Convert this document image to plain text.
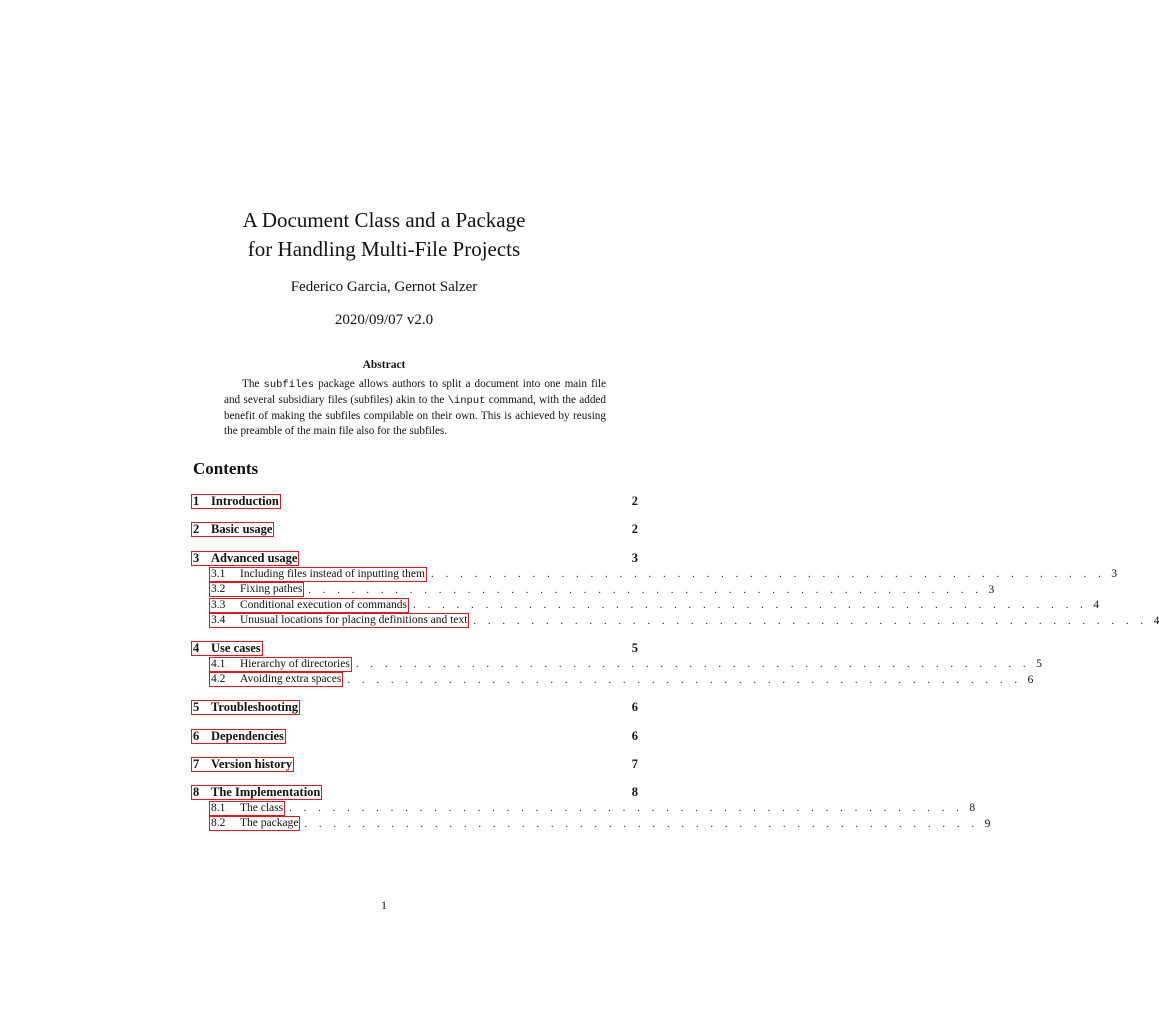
A Document Class and a Package
for Handling Multi-File Projects
Federico Garcia, Gernot Salzer
2020/09/07 v2.0
Abstract
The subfiles package allows authors to split a document into one main file and several subsidiary files (subfiles) akin to the \input command, with the added benefit of making the subfiles compilable on their own. This is achieved by reusing the preamble of the main file also for the subfiles.
Contents
1 Introduction	2
2 Basic usage	2
3 Advanced usage	3
3.1	Including files instead of inputting them . . . . . . . . . . . . . . . . . . . . . . . . . . . . . . . . . . . . . . . . . . . . . . . 3
3.2	Fixing pathes . . . . . . . . . . . . . . . . . . . . . . . . . . . . . . . . . . . . . . . . . . . . . . . 3
3.3	Conditional execution of commands . . . . . . . . . . . . . . . . . . . . . . . . . . . . . . . . . . . . . . . . . . . . . . . 4
3.4	Unusual locations for placing definitions and text . . . . . . . . . . . . . . . . . . . . . . . . . . . . . . . . . . . . . . . . . . . . . . . 4
4 Use cases	5
4.1	Hierarchy of directories . . . . . . . . . . . . . . . . . . . . . . . . . . . . . . . . . . . . . . . . . . . . . . . 5
4.2	Avoiding extra spaces . . . . . . . . . . . . . . . . . . . . . . . . . . . . . . . . . . . . . . . . . . . . . . . 6
5 Troubleshooting	6
6 Dependencies	6
7 Version history	7
8 The Implementation	8
8.1	The class . . . . . . . . . . . . . . . . . . . . . . . . . . . . . . . . . . . . . . . . . . . . . . . 8
8.2	The package . . . . . . . . . . . . . . . . . . . . . . . . . . . . . . . . . . . . . . . . . . . . . . . 9
1
